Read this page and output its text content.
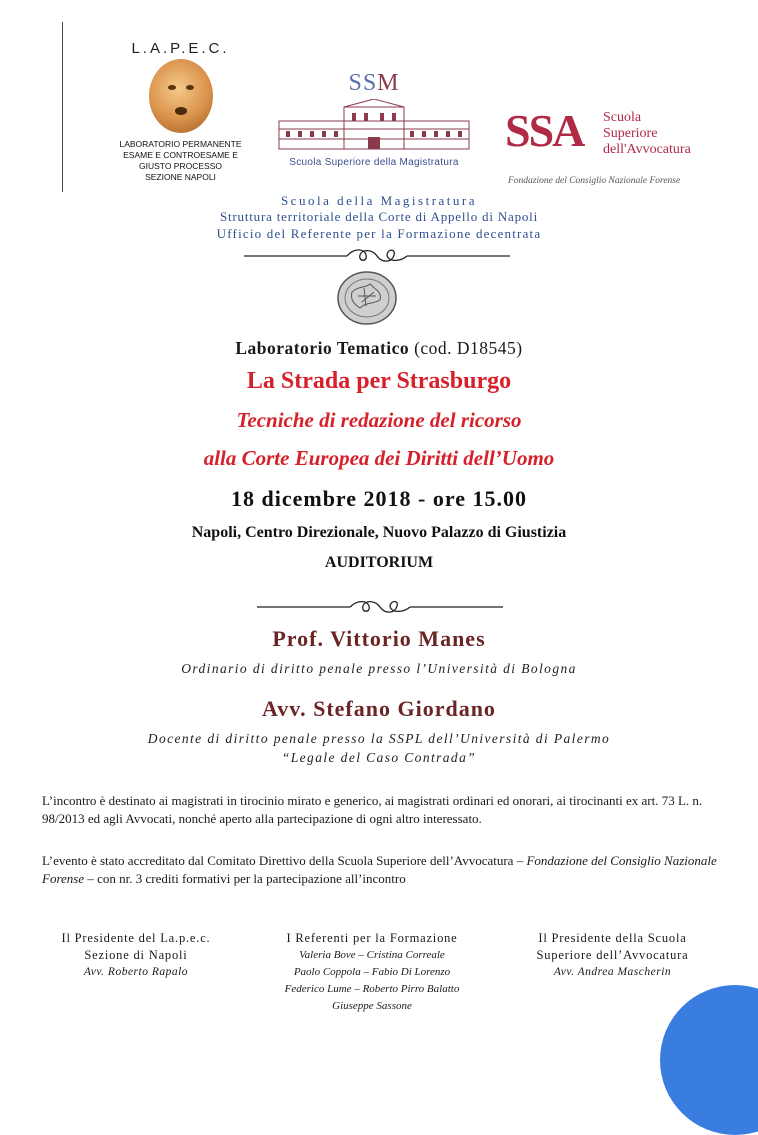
L.A.P.E.C.
LABORATORIO PERMANENTE
ESAME E CONTROESAME E
GIUSTO PROCESSO
SEZIONE NAPOLI
SSM
Scuola Superiore della Magistratura
SSA Scuola
Superiore
dell'Avvocatura
Fondazione del Consiglio Nazionale Forense
Scuola della Magistratura
Struttura territoriale della Corte di Appello di Napoli
Ufficio del Referente per la Formazione decentrata
Laboratorio Tematico (cod. D18545)
La Strada per Strasburgo
Tecniche di redazione del ricorso
alla Corte Europea dei Diritti dell’Uomo
18 dicembre 2018 - ore 15.00
Napoli, Centro Direzionale, Nuovo Palazzo di Giustizia
AUDITORIUM
Prof. Vittorio Manes
Ordinario di diritto penale presso l’Università di Bologna
Avv. Stefano Giordano
Docente di diritto penale presso la SSPL dell’Università di Palermo
“Legale del Caso Contrada”
L’incontro è destinato ai magistrati in tirocinio mirato e generico, ai magistrati ordinari ed onorari, ai tirocinanti ex art. 73 L. n. 98/2013 ed agli Avvocati, nonché aperto alla partecipazione di ogni altro interessato.
L’evento è stato accreditato dal Comitato Direttivo della Scuola Superiore dell’Avvocatura – Fondazione del Consiglio Nazionale Forense – con nr. 3 crediti formativi per la partecipazione all’incontro
Il Presidente del La.p.e.c.
Sezione di Napoli
Avv. Roberto Rapalo
I Referenti per la Formazione
Valeria Bove – Cristina Correale
Paolo Coppola – Fabio Di Lorenzo
Federico Lume – Roberto Pirro Balatto
Giuseppe Sassone
Il Presidente della Scuola
Superiore dell’Avvocatura
Avv. Andrea Mascherin
